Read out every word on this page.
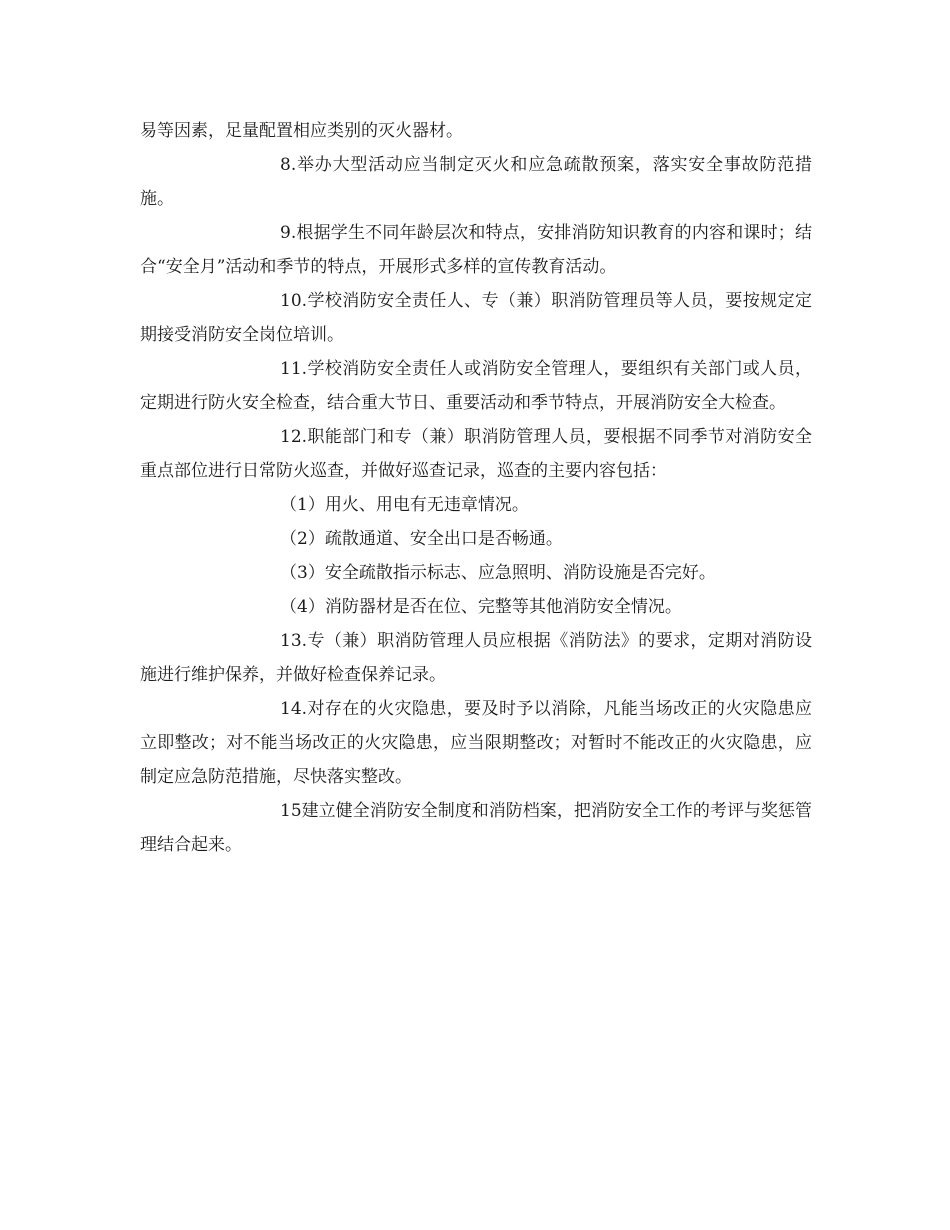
易等因素，足量配置相应类别的灭火器材。

8.举办大型活动应当制定灭火和应急疏散预案，落实安全事故防范措施。

9.根据学生不同年龄层次和特点，安排消防知识教育的内容和课时；结合“安全月”活动和季节的特点，开展形式多样的宣传教育活动。

10.学校消防安全责任人、专（兼）职消防管理员等人员，要按规定定期接受消防安全岗位培训。

11.学校消防安全责任人或消防安全管理人，要组织有关部门或人员，定期进行防火安全检查，结合重大节日、重要活动和季节特点，开展消防安全大检查。

12.职能部门和专（兼）职消防管理人员，要根据不同季节对消防安全重点部位进行日常防火巡查，并做好巡查记录，巡查的主要内容包括：

（1）用火、用电有无违章情况。

（2）疏散通道、安全出口是否畅通。

（3）安全疏散指示标志、应急照明、消防设施是否完好。

（4）消防器材是否在位、完整等其他消防安全情况。

13.专（兼）职消防管理人员应根据《消防法》的要求，定期对消防设施进行维护保养，并做好检查保养记录。

14.对存在的火灾隐患，要及时予以消除，凡能当场改正的火灾隐患应立即整改；对不能当场改正的火灾隐患，应当限期整改；对暂时不能改正的火灾隐患，应制定应急防范措施，尽快落实整改。

15建立健全消防安全制度和消防档案，把消防安全工作的考评与奖惩管理结合起来。
